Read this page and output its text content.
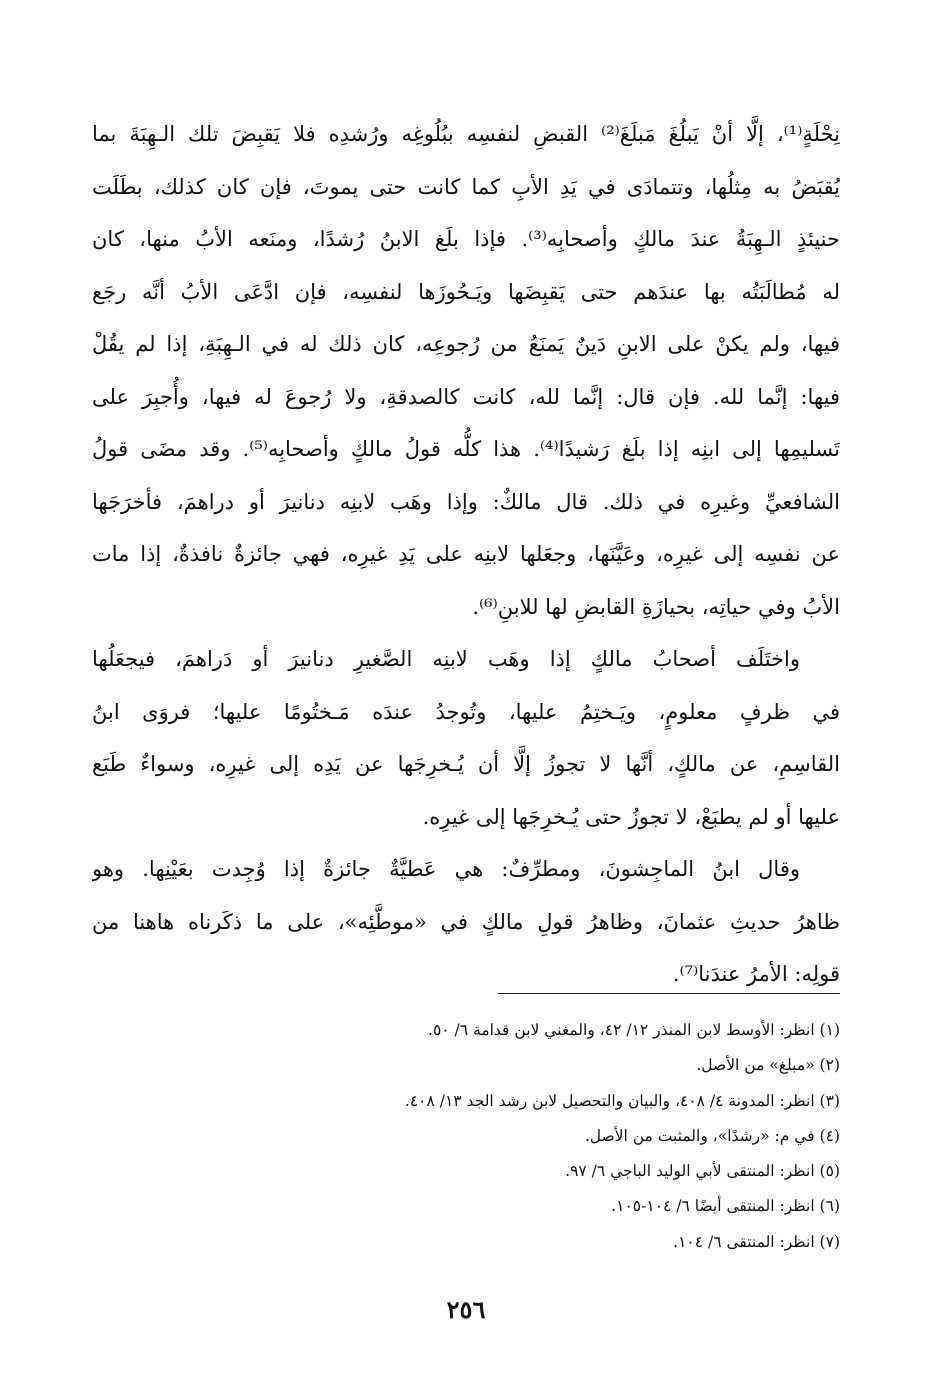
نِحْلَةٍ⁽¹⁾، إلَّا أنْ يَبلُغَ مَبلَغَ⁽²⁾ القبضِ لنفسِه ببُلُوغِه ورُشدِه فلا يَقبِضَ تلك الـهِبَةَ بما
يُقبَضُ به مِثلُها، وتتمادَى في يَدِ الأبِ كما كانت حتى يموتَ، فإن كان كذلك، بطَلَت
حنيئذٍ الـهِبَةُ عندَ مالكٍ وأصحابِه⁽³⁾. فإذا بلَغ الابنُ رُشدًا، ومنَعه الأبُ منها، كان
له مُطالَبَتُه بها عندَهم حتى يَقبِضَها ويَـحُوزَها لنفسِه، فإن ادَّعَى الأبُ أنَّه رجَع
فيها، ولم يكنْ على الابنِ دَينٌ يَمنَعُ من رُجوعِه، كان ذلك له في الـهِبَةِ، إذا لم يقُلْ
فيها: إنَّما لله. فإن قال: إنَّما لله، كانت كالصدقةِ، ولا رُجوعَ له فيها، وأُجبِرَ على
تَسليمِها إلى ابنِه إذا بلَغ رَشيدًا⁽⁴⁾. هذا كلُّه قولُ مالكٍ وأصحابِه⁽⁵⁾. وقد مضَى قولُ
الشافعيِّ وغيرِه في ذلك. قال مالكٌ: وإذا وهَب لابنِه دنانيرَ أو دراهمَ، فأخرَجَها
عن نفسِه إلى غيرِه، وعَيَّنَها، وجعَلها لابنِه على يَدِ غيرِه، فهي جائزةٌ نافذةٌ، إذا مات
الأبُ وفي حياتِه، بحيازَةِ القابضِ لها للابنِ⁽⁶⁾.
واختَلَف أصحابُ مالكٍ إذا وهَب لابنِه الصَّغيرِ دنانيرَ أو دَراهمَ، فيجعَلُها
في ظرفٍ معلومٍ، ويَـختِمُ عليها، وتُوجدُ عندَه مَـختُومًا عليها؛ فروَى ابنُ
القاسِمِ، عن مالكٍ، أنَّها لا تجوزُ إلَّا أن يُـخرِجَها عن يَدِه إلى غيرِه، وسواءٌ طَبَع
عليها أو لم يطبَعْ، لا تجوزُ حتى يُـخرِجَها إلى غيرِه.
وقال ابنُ الماجِشونَ، ومطرِّفٌ: هي عَطيَّةٌ جائزةٌ إذا وُجِدت بعَيْنِها. وهو
ظاهرُ حديثِ عثمانَ، وظاهرُ قولِ مالكٍ في «موطَّئِه»، على ما ذكَرناه هاهنا من
قولِه: الأمرُ عندَنا⁽⁷⁾.
(١) انظر: الأوسط لابن المنذر ١٢/ ٤٢، والمغني لابن قدامة ٦/ ٥٠.
(٢) «مبلغ» من الأصل.
(٣) انظر: المدونة ٤/ ٤٠٨، والبيان والتحصيل لابن رشد الجد ١٣/ ٤٠٨.
(٤) في م: «رشدًا»، والمثبت من الأصل.
(٥) انظر: المنتقى لأبي الوليد الباجي ٦/ ٩٧.
(٦) انظر: المنتقى أيضًا ٦/ ١٠٤-١٠٥.
(٧) انظر: المنتقى ٦/ ١٠٤.
٢٥٦
